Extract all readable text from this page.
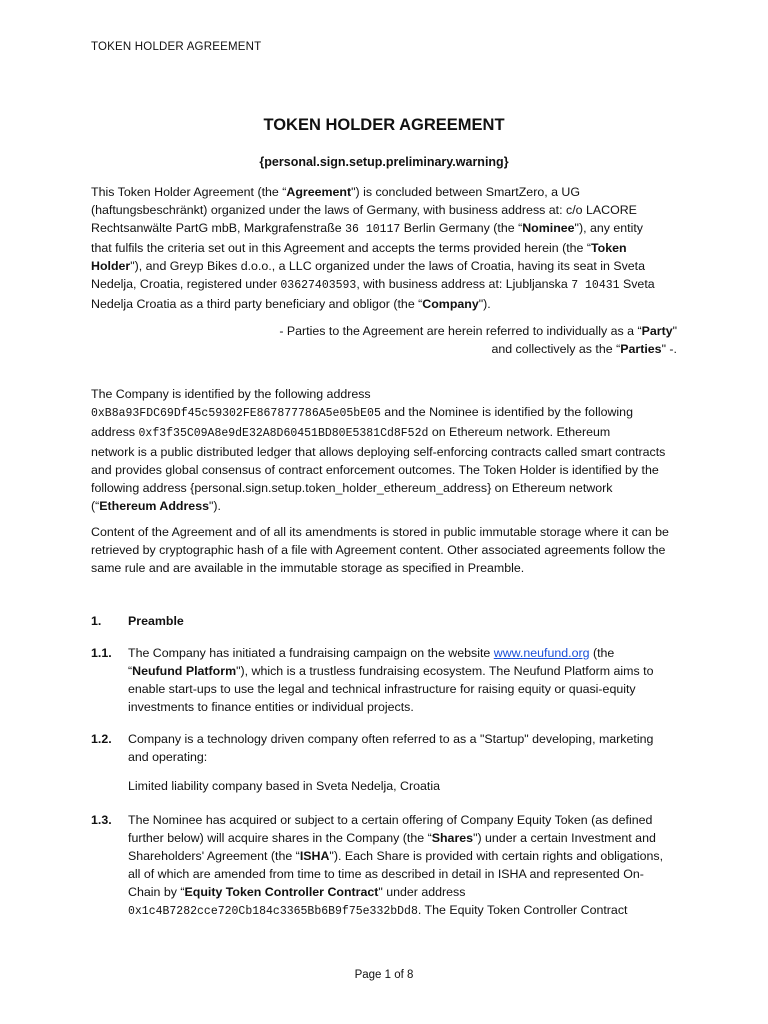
TOKEN HOLDER AGREEMENT
TOKEN HOLDER AGREEMENT
{personal.sign.setup.preliminary.warning}
This Token Holder Agreement (the “Agreement") is concluded between SmartZero, a UG
(haftungsbeschränkt) organized under the laws of Germany, with business address at: c/o LACORE
Rechtsanwälte PartG mbB, Markgrafenstraße 36 10117 Berlin Germany (the “Nominee"), any entity
that fulfils the criteria set out in this Agreement and accepts the terms provided herein (the “Token
Holder"), and Greyp Bikes d.o.o., a LLC organized under the laws of Croatia, having its seat in Sveta
Nedelja, Croatia, registered under 03627403593, with business address at: Ljubljanska 7 10431 Sveta
Nedelja Croatia as a third party beneficiary and obligor (the “Company").
- Parties to the Agreement are herein referred to individually as a “Party"
and collectively as the “Parties" -.
The Company is identified by the following address
0xB8a93FDC69Df45c59302FE867877786A5e05bE05 and the Nominee is identified by the following
address 0xf3f35C09A8e9dE32A8D60451BD80E5381Cd8F52d on Ethereum network. Ethereum
network is a public distributed ledger that allows deploying self-enforcing contracts called smart contracts
and provides global consensus of contract enforcement outcomes. The Token Holder is identified by the
following address {personal.sign.setup.token_holder_ethereum_address} on Ethereum network
(“Ethereum Address").
Content of the Agreement and of all its amendments is stored in public immutable storage where it can be
retrieved by cryptographic hash of a file with Agreement content. Other associated agreements follow the
same rule and are available in the immutable storage as specified in Preamble.
1. Preamble
1.1. The Company has initiated a fundraising campaign on the website www.neufund.org (the
“Neufund Platform"), which is a trustless fundraising ecosystem. The Neufund Platform aims to
enable start-ups to use the legal and technical infrastructure for raising equity or quasi-equity
investments to finance entities or individual projects.
1.2. Company is a technology driven company often referred to as a "Startup" developing, marketing
and operating:
Limited liability company based in Sveta Nedelja, Croatia
1.3. The Nominee has acquired or subject to a certain offering of Company Equity Token (as defined
further below) will acquire shares in the Company (the “Shares") under a certain Investment and
Shareholders' Agreement (the “ISHA"). Each Share is provided with certain rights and obligations,
all of which are amended from time to time as described in detail in ISHA and represented On-
Chain by “Equity Token Controller Contract" under address
0x1c4B7282cce720Cb184c3365Bb6B9f75e332bDd8. The Equity Token Controller Contract
Page 1 of 8
